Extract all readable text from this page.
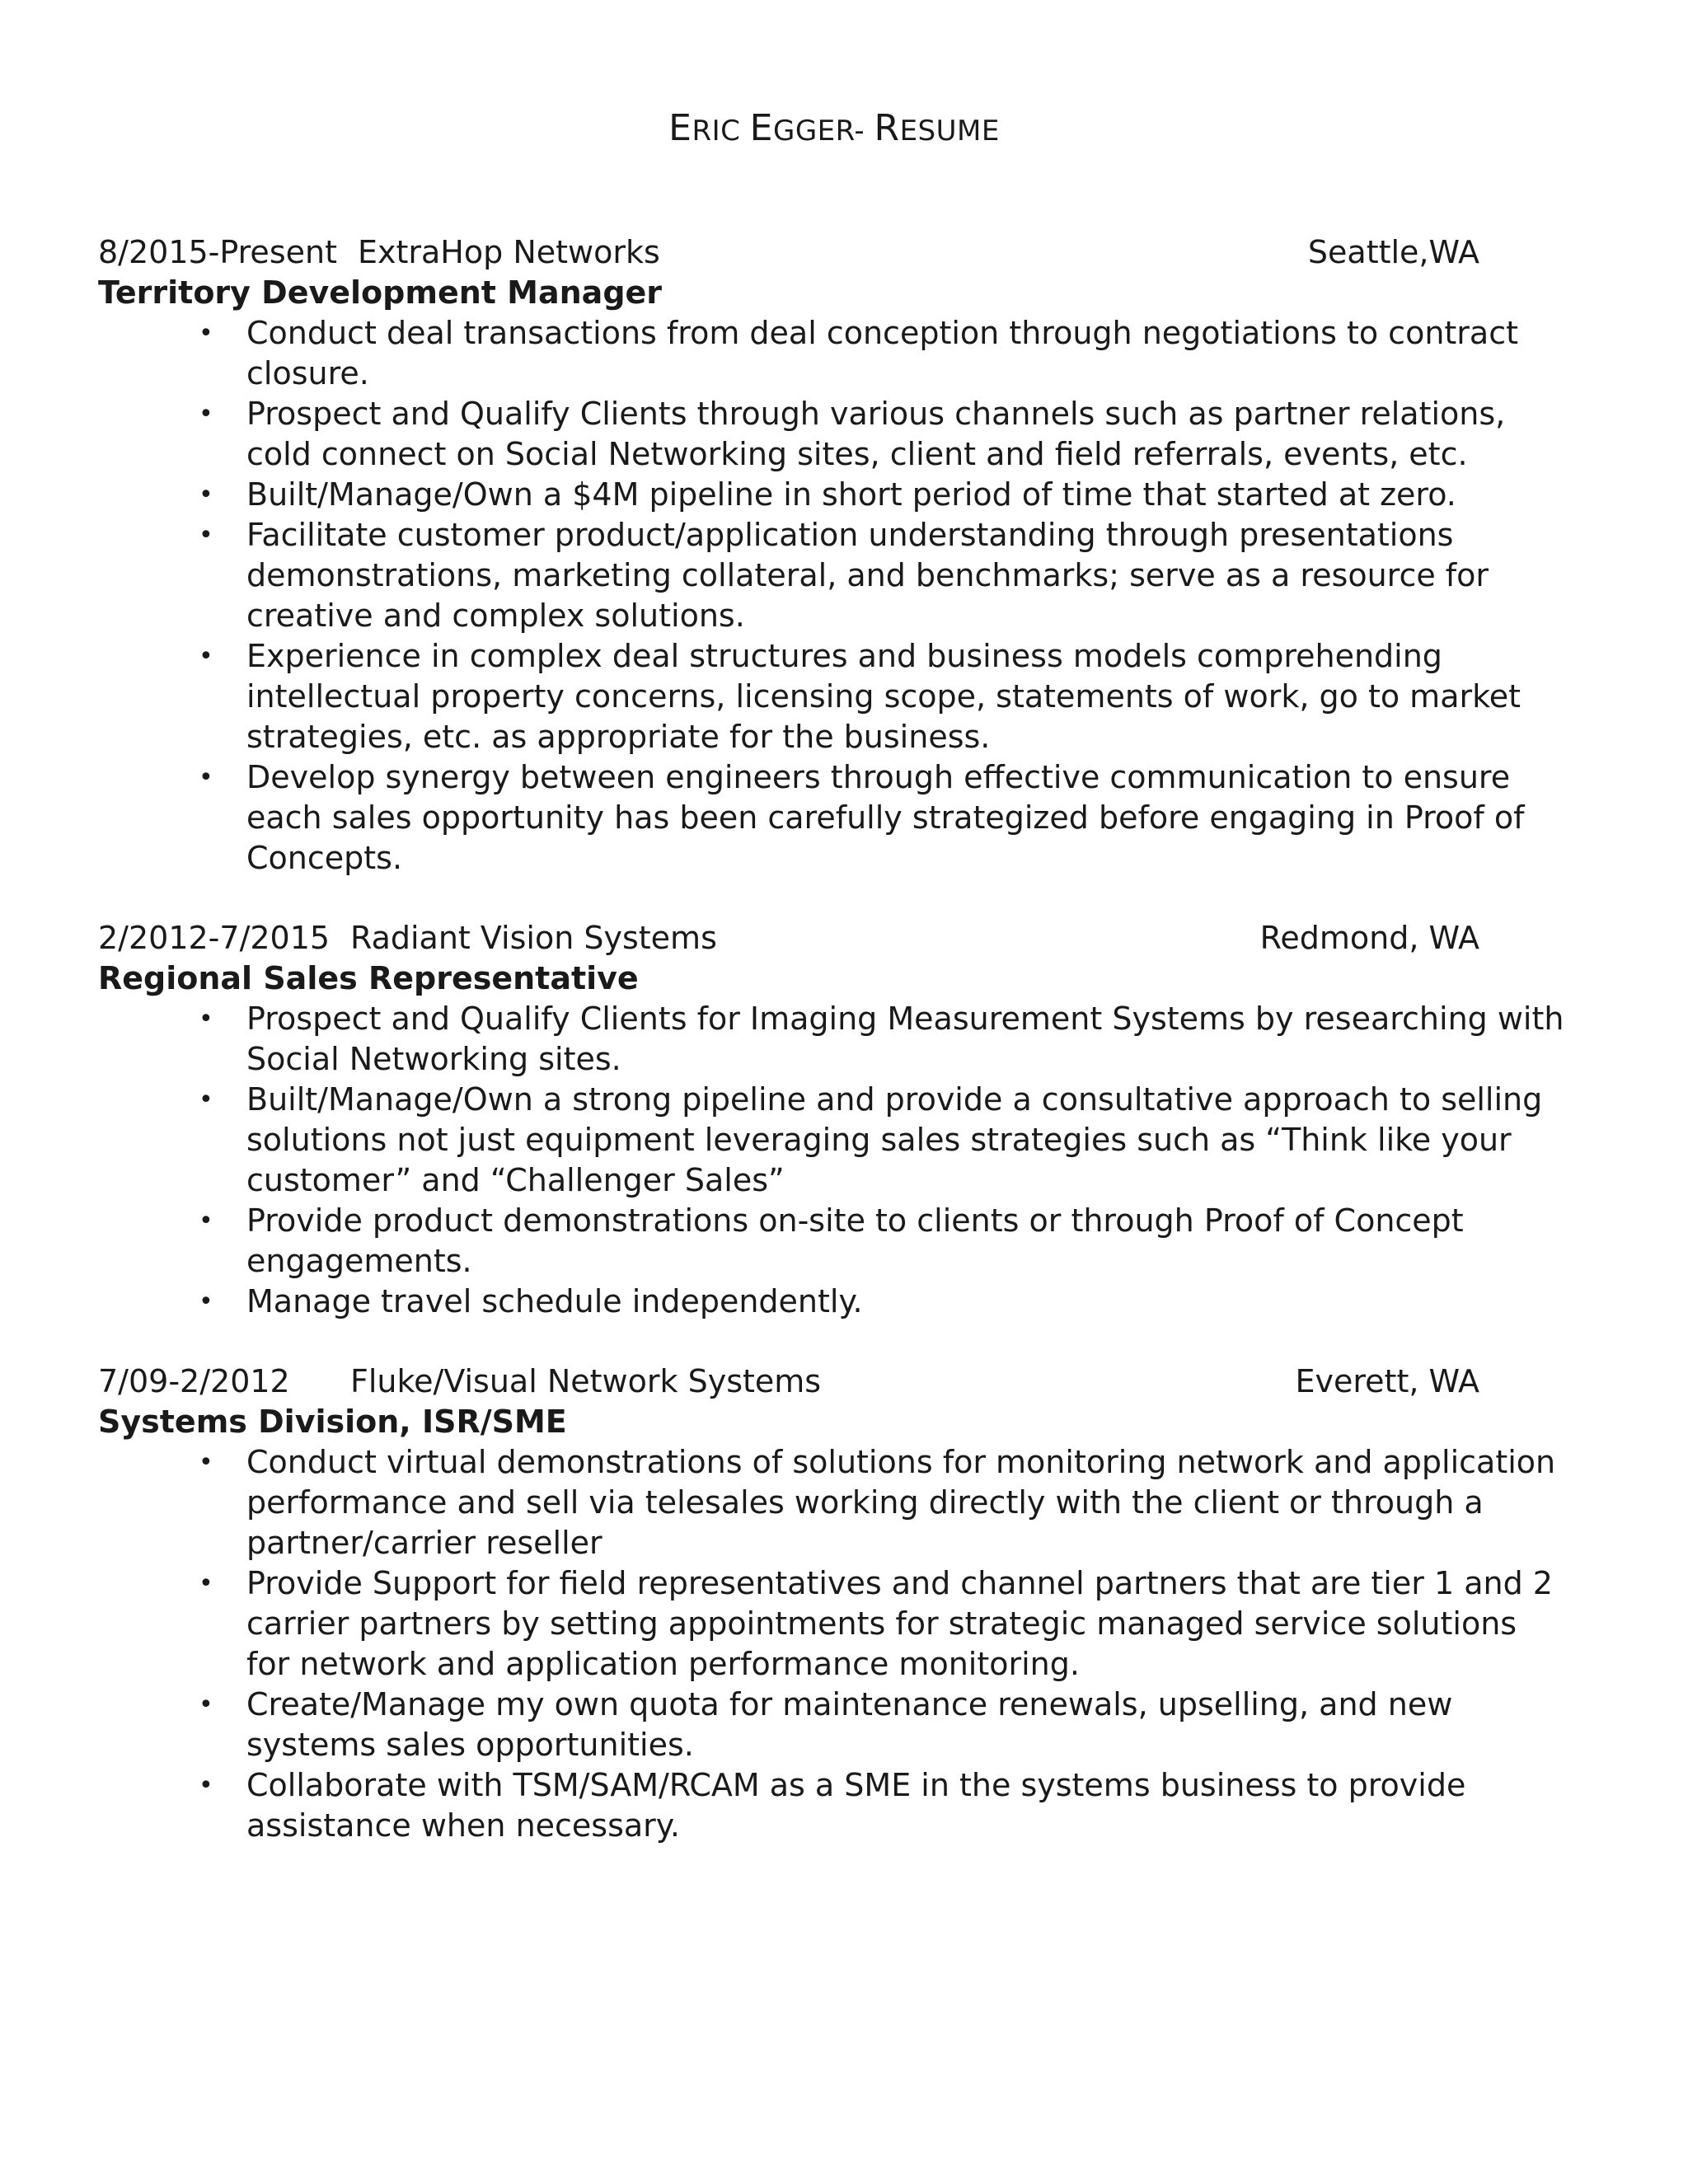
ERIC EGGER- RESUME
8/2015-Present ExtraHop Networks	Seattle,WA
Territory Development Manager
• Conduct deal transactions from deal conception through negotiations to contract closure.
• Prospect and Qualify Clients through various channels such as partner relations, cold connect on Social Networking sites, client and field referrals, events, etc.
• Built/Manage/Own a $4M pipeline in short period of time that started at zero.
• Facilitate customer product/application understanding through presentations demonstrations, marketing collateral, and benchmarks; serve as a resource for creative and complex solutions.
• Experience in complex deal structures and business models comprehending intellectual property concerns, licensing scope, statements of work, go to market strategies, etc. as appropriate for the business.
• Develop synergy between engineers through effective communication to ensure each sales opportunity has been carefully strategized before engaging in Proof of Concepts.
2/2012-7/2015 Radiant Vision Systems	Redmond, WA
Regional Sales Representative
• Prospect and Qualify Clients for Imaging Measurement Systems by researching with Social Networking sites.
• Built/Manage/Own a strong pipeline and provide a consultative approach to selling solutions not just equipment leveraging sales strategies such as “Think like your customer” and “Challenger Sales”
• Provide product demonstrations on-site to clients or through Proof of Concept engagements.
• Manage travel schedule independently.
7/09-2/2012 Fluke/Visual Network Systems	Everett, WA
Systems Division, ISR/SME
• Conduct virtual demonstrations of solutions for monitoring network and application performance and sell via telesales working directly with the client or through a partner/carrier reseller
• Provide Support for field representatives and channel partners that are tier 1 and 2 carrier partners by setting appointments for strategic managed service solutions for network and application performance monitoring.
• Create/Manage my own quota for maintenance renewals, upselling, and new systems sales opportunities.
• Collaborate with TSM/SAM/RCAM as a SME in the systems business to provide assistance when necessary.
